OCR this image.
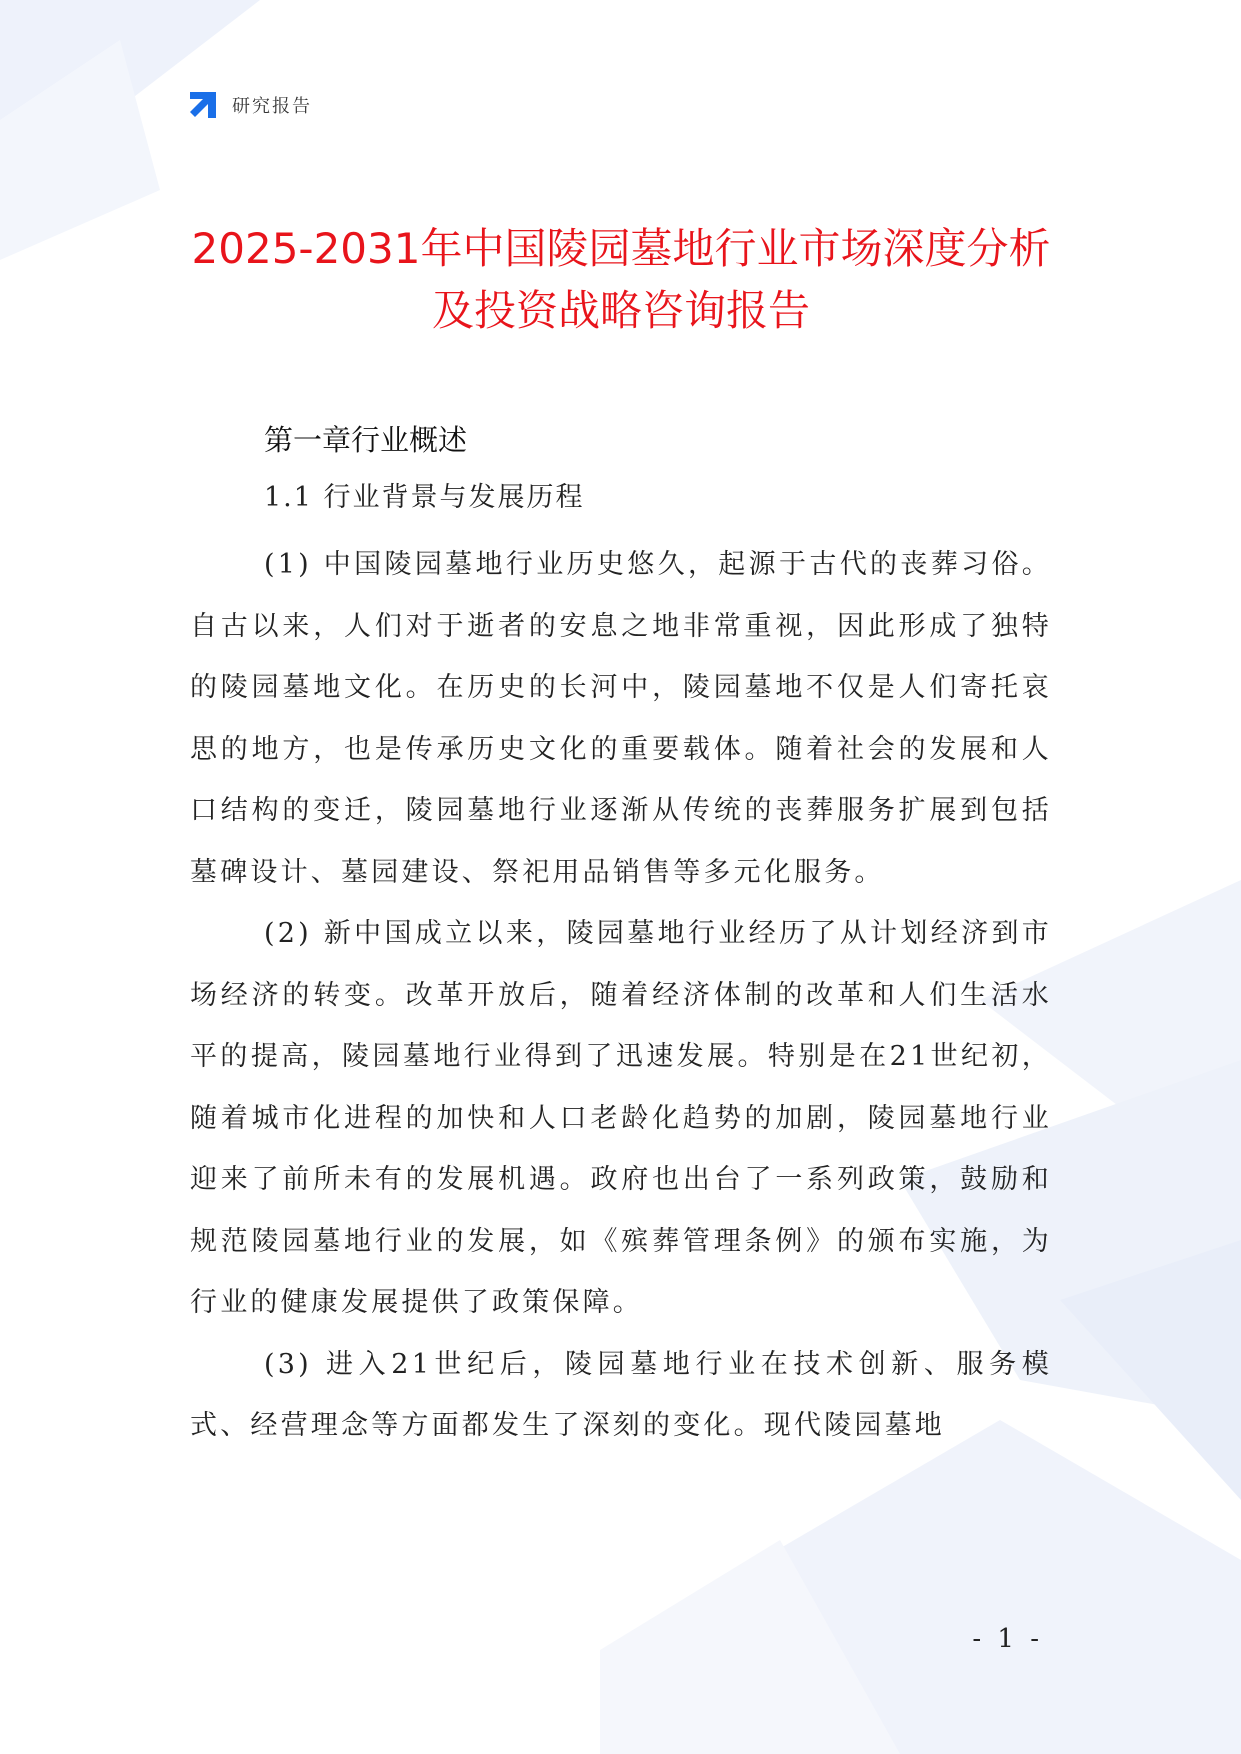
研究报告
2025-2031年中国陵园墓地行业市场深度分析及投资战略咨询报告
第一章行业概述
1.1 行业背景与发展历程

(1) 中国陵园墓地行业历史悠久，起源于古代的丧葬习俗。自古以来，人们对于逝者的安息之地非常重视，因此形成了独特的陵园墓地文化。在历史的长河中，陵园墓地不仅是人们寄托哀思的地方，也是传承历史文化的重要载体。随着社会的发展和人口结构的变迁，陵园墓地行业逐渐从传统的丧葬服务扩展到包括墓碑设计、墓园建设、祭祀用品销售等多元化服务。

(2) 新中国成立以来，陵园墓地行业经历了从计划经济到市场经济的转变。改革开放后，随着经济体制的改革和人们生活水平的提高，陵园墓地行业得到了迅速发展。特别是在21世纪初，随着城市化进程的加快和人口老龄化趋势的加剧，陵园墓地行业迎来了前所未有的发展机遇。政府也出台了一系列政策，鼓励和规范陵园墓地行业的发展，如《殡葬管理条例》的颁布实施，为行业的健康发展提供了政策保障。

(3) 进入21世纪后，陵园墓地行业在技术创新、服务模式、经营理念等方面都发生了深刻的变化。现代陵园墓地

- 1 -
